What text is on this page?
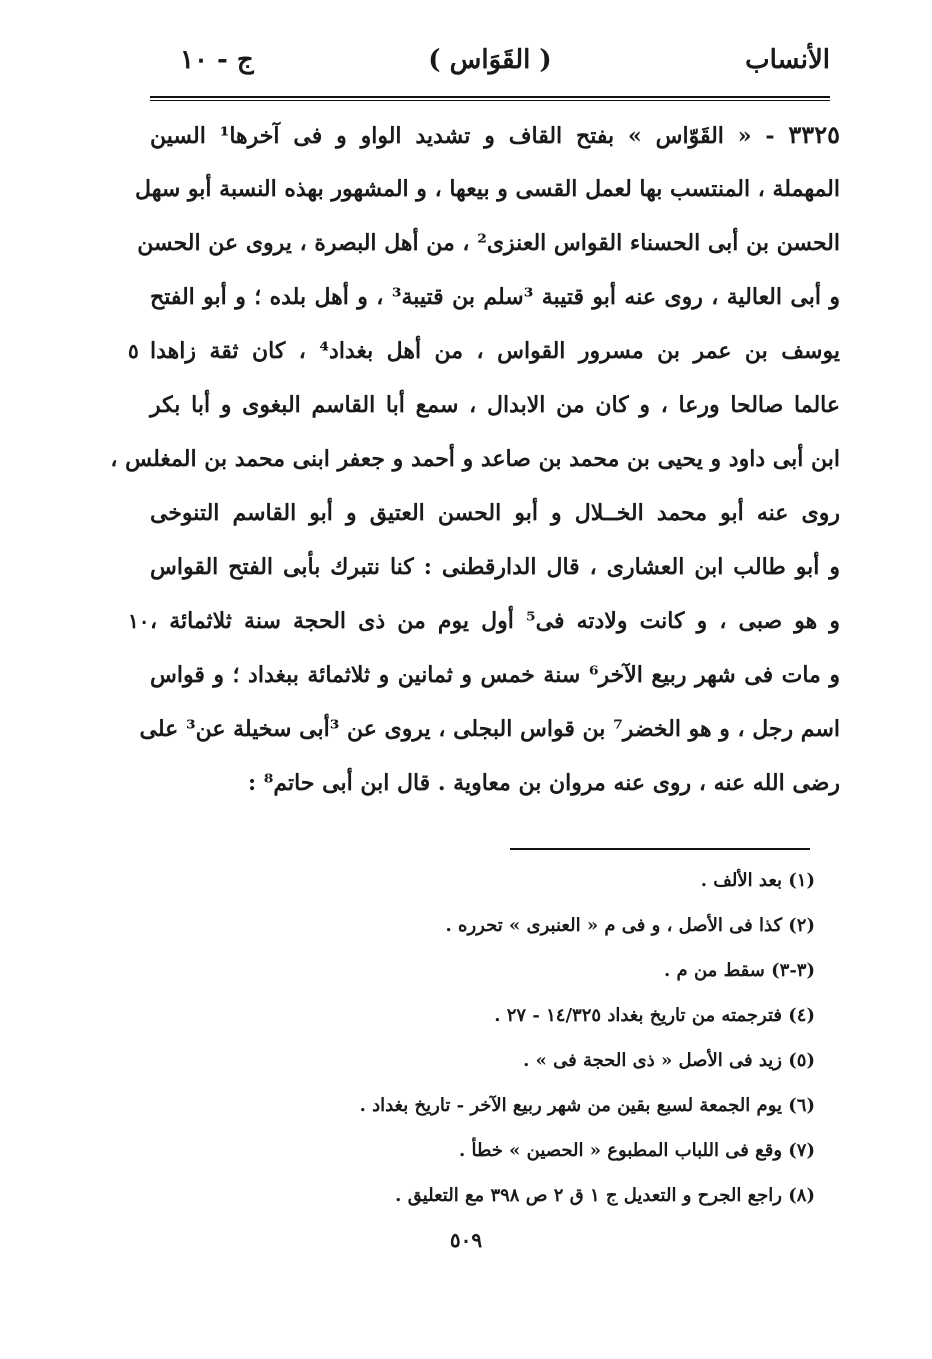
الأنساب
( القَوَاس )
ج - ١٠
٣٣٢٥ - « القَوّاس » بفتح القاف و تشديد الواو و فى آخرها¹ السين
المهملة ، المنتسب بها لعمل القسى و بيعها ، و المشهور بهذه النسبة أبو سهل
الحسن بن أبى الحسناء القواس العنزى² ، من أهل البصرة ، يروى عن الحسن
و أبى العالية ، روى عنه أبو قتيبة ³سلم بن قتيبة³ ، و أهل بلده ؛ و أبو الفتح
يوسف بن عمر بن مسرور القواس ، من أهل بغداد⁴ ، كان ثقة زاهدا
٥
عالما صالحا ورعا ، و كان من الابدال ، سمع أبا القاسم البغوى و أبا بكر
ابن أبى داود و يحيى بن محمد بن صاعد و أحمد و جعفر ابنى محمد بن المغلس ،
روى عنه أبو محمد الخــلال و أبو الحسن العتيق و أبو القاسم التنوخى
و أبو طالب ابن العشارى ، قال الدارقطنى : كنا نتبرك بأبى الفتح القواس
و هو صبى ، و كانت ولادته فى⁵ أول يوم من ذى الحجة سنة ثلاثمائة ،
١٠
و مات فى شهر ربيع الآخر⁶ سنة خمس و ثمانين و ثلاثمائة ببغداد ؛ و قواس
اسم رجل ، و هو الخضر⁷ بن قواس البجلى ، يروى عن ³أبى سخيلة عن³ على
رضى الله عنه ، روى عنه مروان بن معاوية . قال ابن أبى حاتم⁸ :
(١) بعد الألف .
(٢) كذا فى الأصل ، و فى م « العنبرى » تحرره .
(٣-٣) سقط من م .
(٤) فترجمته من تاريخ بغداد ١٤/٣٢٥ - ٢٧ .
(٥) زيد فى الأصل « ذى الحجة فى » .
(٦) يوم الجمعة لسبع بقين من شهر ربيع الآخر - تاريخ بغداد .
(٧) وقع فى اللباب المطبوع « الحصين » خطأ .
(٨) راجع الجرح و التعديل ج ١ ق ٢ ص ٣٩٨ مع التعليق .
٥٠٩
